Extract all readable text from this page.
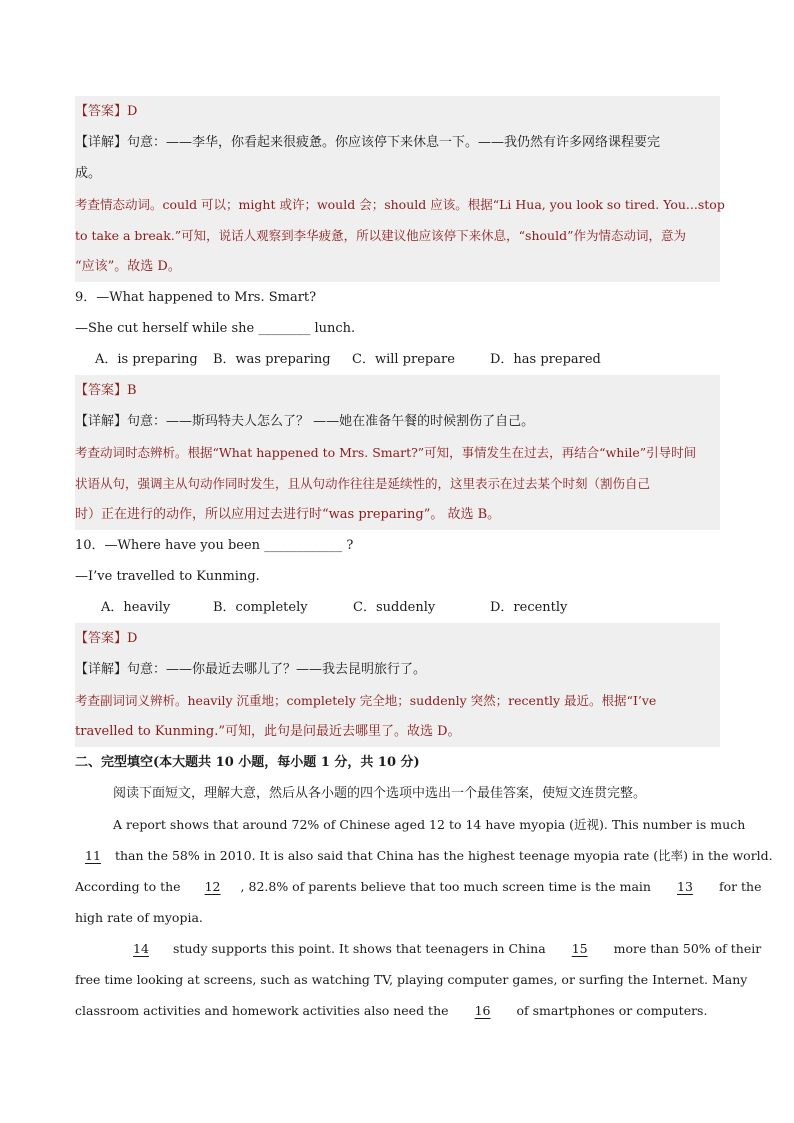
【答案】D
【详解】句意：——李华，你看起来很疲惫。你应该停下来休息一下。——我仍然有许多网络课程要完
成。
考查情态动词。could 可以；might 或许；would 会；should 应该。根据“Li Hua, you look so tired. You...stop
to take a break.”可知，说话人观察到李华疲惫，所以建议他应该停下来休息，“should”作为情态动词，意为
“应该”。故选 D。
9．—What happened to Mrs. Smart?
—She cut herself while she ________ lunch.
A．is preparing B．was preparing C．will prepare	D．has prepared
【答案】B
【详解】句意：——斯玛特夫人怎么了？ ——她在准备午餐的时候割伤了自己。
考查动词时态辨析。根据“What happened to Mrs. Smart?”可知，事情发生在过去，再结合“while”引导时间
状语从句，强调主从句动作同时发生，且从句动作往往是延续性的，这里表示在过去某个时刻（割伤自己
时）正在进行的动作，所以应用过去进行时“was preparing”。 故选 B。
10．—Where have you been ____________ ?
—I’ve travelled to Kunming.
A．heavily	B．completely	C．suddenly	D．recently
【答案】D
【详解】句意：——你最近去哪儿了？——我去昆明旅行了。
考查副词词义辨析。heavily 沉重地；completely 完全地；suddenly 突然；recently 最近。根据“I’ve
travelled to Kunming.”可知，此句是问最近去哪里了。故选 D。
二、完型填空(本大题共 10 小题，每小题 1 分，共 10 分)
阅读下面短文，理解大意，然后从各小题的四个选项中选出一个最佳答案，使短文连贯完整。
A report shows that around 72% of Chinese aged 12 to 14 have myopia (近视). This number is much
11 than the 58% in 2010. It is also said that China has the highest teenage myopia rate (比率) in the world.
According to the 12 , 82.8% of parents believe that too much screen time is the main 13 for the
high rate of myopia.
14 study supports this point. It shows that teenagers in China 15 more than 50% of their
free time looking at screens, such as watching TV, playing computer games, or surfing the Internet. Many
classroom activities and homework activities also need the 16 of smartphones or computers.
